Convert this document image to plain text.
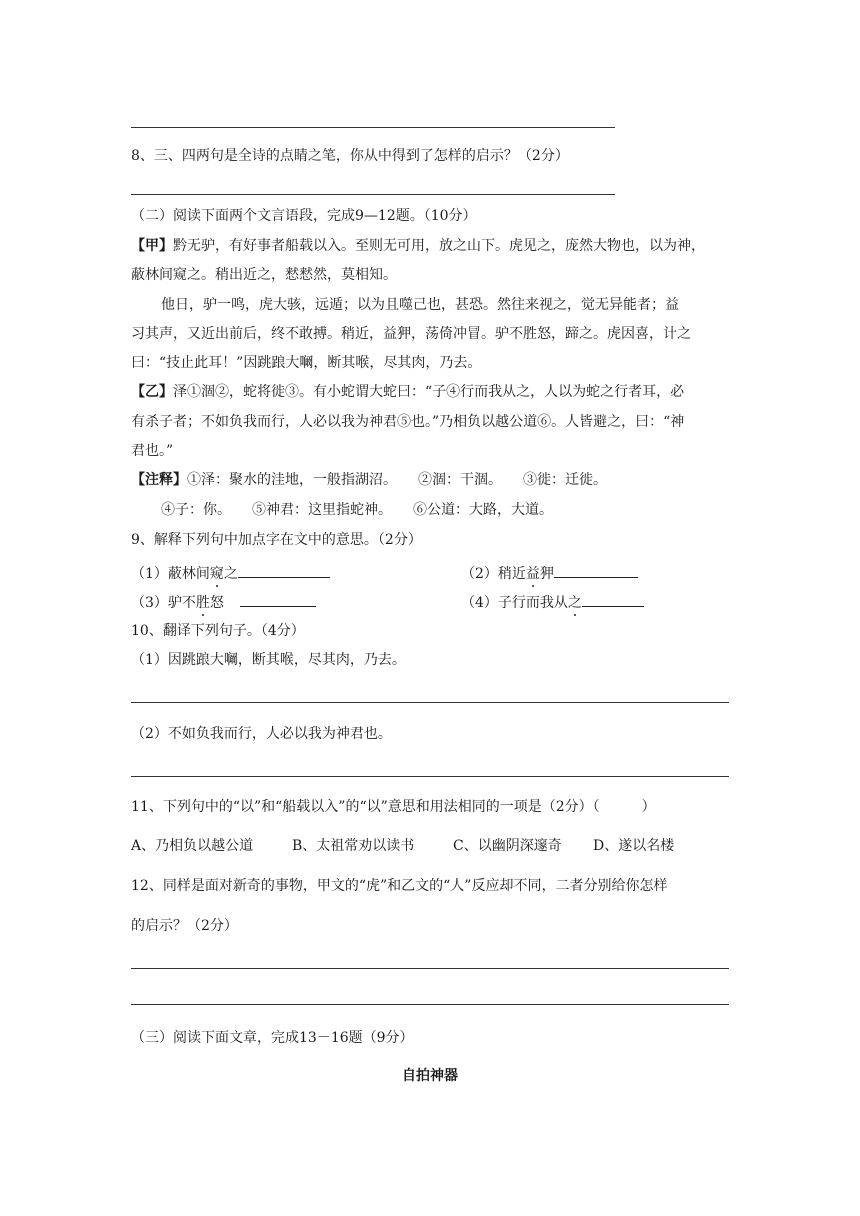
8、三、四两句是全诗的点睛之笔，你从中得到了怎样的启示？（2分）
（二）阅读下面两个文言语段，完成9—12题。（10分）
【甲】黔无驴，有好事者船载以入。至则无可用，放之山下。虎见之，庞然大物也，以为神，
蔽林间窥之。稍出近之，慭慭然，莫相知。
他日，驴一鸣，虎大骇，远遁；以为且噬己也，甚恐。然往来视之，觉无异能者；益
习其声，又近出前后，终不敢搏。稍近，益狎，荡倚冲冒。驴不胜怒，蹄之。虎因喜，计之
曰：“技止此耳！”因跳踉大㘎，断其喉，尽其肉，乃去。
【乙】泽①涸②，蛇将徙③。有小蛇谓大蛇曰：“子④行而我从之，人以为蛇之行者耳，必
有杀子者；不如负我而行，人必以我为神君⑤也。”乃相负以越公道⑥。人皆避之，曰：“神
君也。”
【注释】①泽：聚水的洼地，一般指湖沼。　　②涸：干涸。　　③徙：迁徙。
④子：你。　　⑤神君：这里指蛇神。　　⑥公道：大路，大道。
9、解释下列句中加点字在文中的意思。（2分）
（1）蔽林间窥之	（2）稍近益狎
（3）驴不胜怒	（4）子行而我从之
10、翻译下列句子。（4分）
（1）因跳踉大㘎，断其喉，尽其肉，乃去。
（2）不如负我而行，人必以我为神君也。
11、下列句中的“以”和“船载以入”的“以”意思和用法相同的一项是（2分）（　　　）
A、乃相负以越公道	B、太祖常劝以读书	C、以幽阴深邃奇 D、遂以名楼
12、同样是面对新奇的事物，甲文的“虎”和乙文的“人”反应却不同，二者分别给你怎样
的启示？（2分）
（三）阅读下面文章，完成13－16题（9分）
自拍神器
